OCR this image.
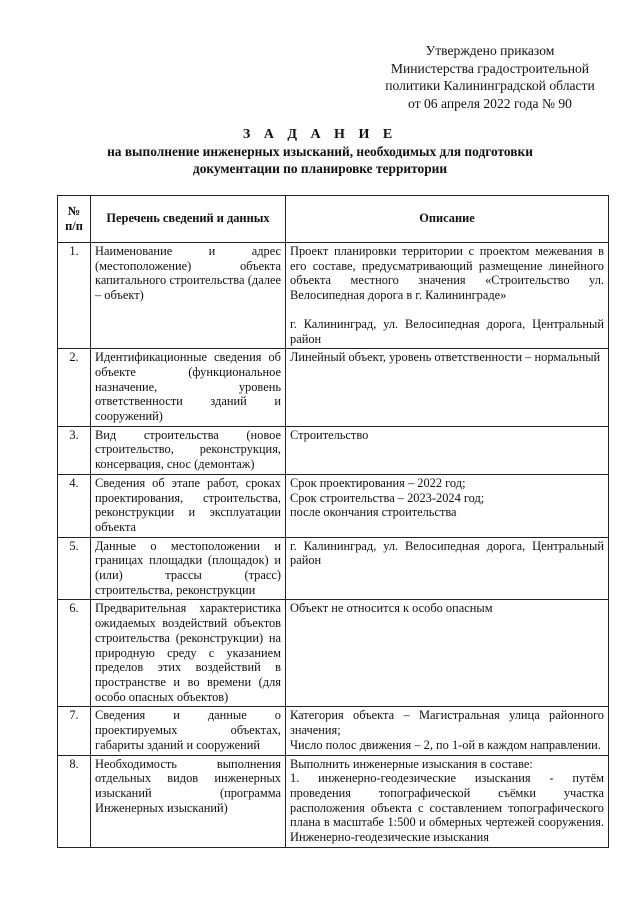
Утверждено приказом
Министерства градостроительной
политики Калининградской области
от 06 апреля 2022 года № 90
З А Д А Н И Е
на выполнение инженерных изысканий, необходимых для подготовки
документации по планировке территории
№ п/п	Перечень сведений и данных	Описание
1.	Наименование и адрес (местоположение) объекта капитального строительства (далее – объект)	Проект планировки территории с проектом межевания в его составе, предусматривающий размещение линейного объекта местного значения «Строительство ул. Велосипедная дорога в г. Калининграде»
г. Калининград, ул. Велосипедная дорога, Центральный район

2.	Идентификационные сведения об объекте (функциональное назначение, уровень ответственности зданий и сооружений)	Линейный объект, уровень ответственности – нормальный

3.	Вид строительства (новое строительство, реконструкция, консервация, снос (демонтаж)	Строительство

4.	Сведения об этапе работ, сроках проектирования, строительства, реконструкции и эксплуатации объекта	Срок проектирования – 2022 год;
Срок строительства – 2023-2024 год;
после окончания строительства

5.	Данные о местоположении и границах площадки (площадок) и (или) трассы (трасс) строительства, реконструкции	г. Калининград, ул. Велосипедная дорога, Центральный район

6.	Предварительная характеристика ожидаемых воздействий объектов строительства (реконструкции) на природную среду с указанием пределов этих воздействий в пространстве и во времени (для особо опасных объектов)	Объект не относится к особо опасным

7.	Сведения и данные о проектируемых объектах, габариты зданий и сооружений	Категория объекта – Магистральная улица районного значения;
Число полос движения – 2, по 1-ой в каждом направлении.

8.	Необходимость выполнения отдельных видов инженерных изысканий (программа Инженерных изысканий)	Выполнить инженерные изыскания в составе:
1. инженерно-геодезические изыскания - путём проведения топографической съёмки участка расположения объекта с составлением топографического плана в масштабе 1:500 и обмерных чертежей сооружения. Инженерно-геодезические изыскания
